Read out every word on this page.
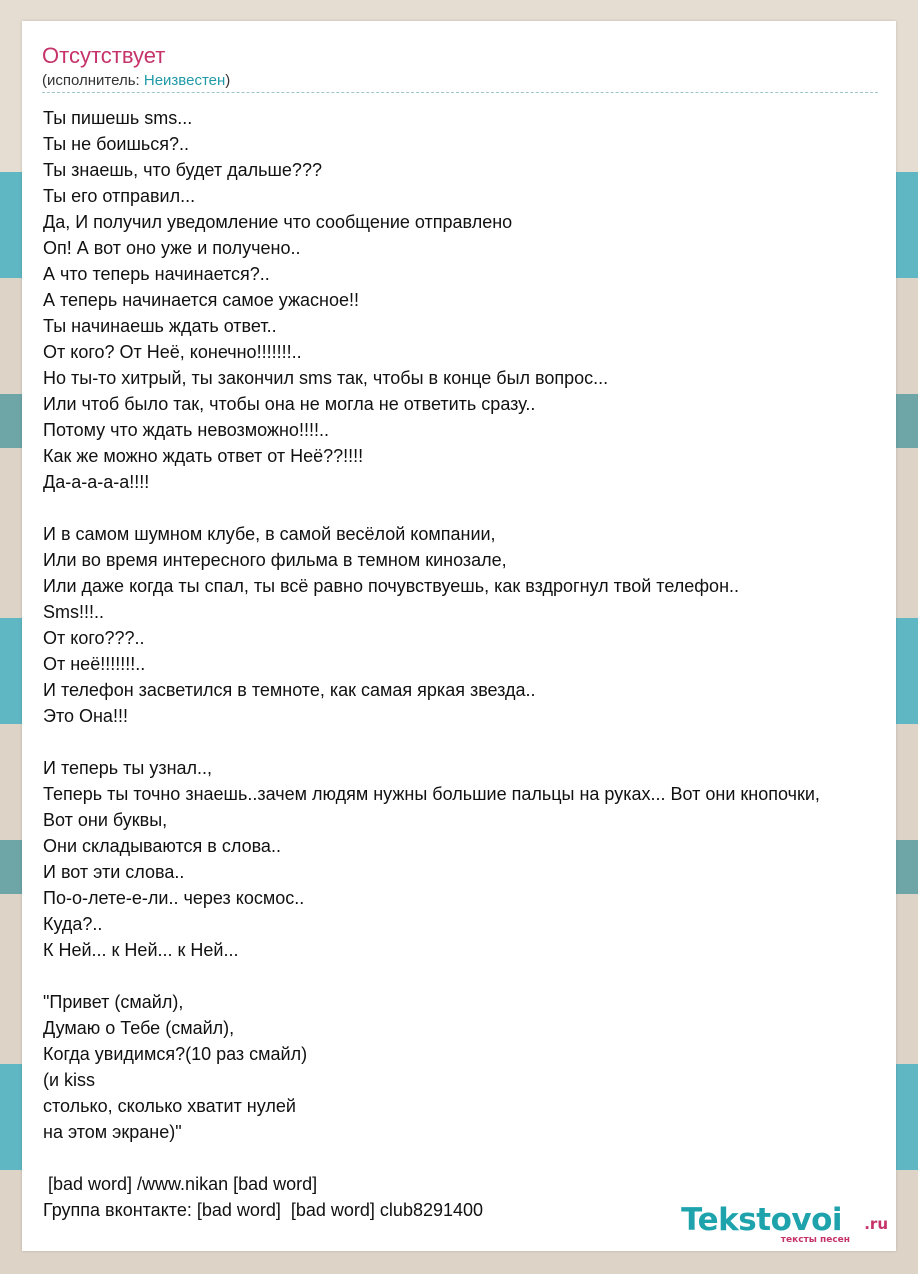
Отсутствует
(исполнитель: Неизвестен)
Ты пишешь sms...
Ты не боишься?..
Ты знаешь, что будет дальше???
Ты его отправил...
Да, И получил уведомление что сообщение отправлено
Оп! А вот оно уже и получено..
А что теперь начинается?..
А теперь начинается самое ужасное!!
Ты начинаешь ждать ответ..
От кого? От Неё, конечно!!!!!!!..
Но ты-то хитрый, ты закончил sms так, чтобы в конце был вопрос...
Или чтоб было так, чтобы она не могла не ответить сразу..
Потому что ждать невозможно!!!!..
Как же можно ждать ответ от Неё??!!!!
Да-а-а-а-а!!!!
И в самом шумном клубе, в самой весёлой компании,
Или во время интересного фильма в темном кинозале,
Или даже когда ты спал, ты всё равно почувствуешь, как вздрогнул твой телефон..
Sms!!!..
От кого???..
От неё!!!!!!!..
И телефон засветился в темноте, как самая яркая звезда..
Это Она!!!
И теперь ты узнал..,
Теперь ты точно знаешь..зачем людям нужны большие пальцы на руках... Вот они кнопочки,
Вот они буквы,
Они складываются в слова..
И вот эти слова..
По-о-лете-е-ли.. через космос..
Куда?..
К Ней... к Ней... к Ней...
"Привет (смайл),
Думаю о Тебе (смайл),
Когда увидимся?(10 раз смайл)
(и kiss
столько, сколько хватит нулей
на этом экране)"
[bad word] /www.nikan [bad word]
Группа вконтакте: [bad word]  [bad word] club8291400	Tekstovoi .ru
тексты песен
